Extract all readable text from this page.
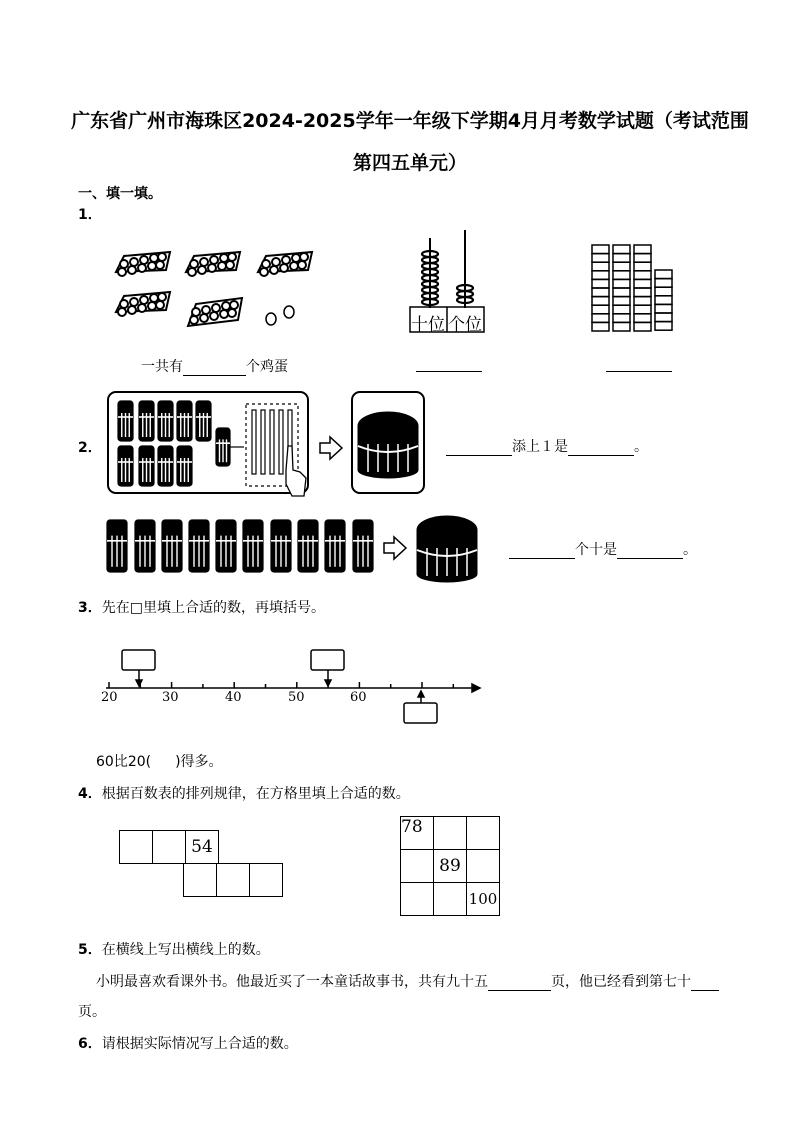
广东省广州市海珠区2024-2025学年一年级下学期4月月考数学试题（考试范围
第四五单元）
一、填一填。
1．
一共有	个鸡蛋
十位 个位
2．	添上１是	。
个十是	。
3．先在□里填上合适的数，再填括号。
20	30	40	50	60
60比20( )得多。
4．根据百数表的排列规律，在方格里填上合适的数。
		54

78		
	89	
		100
5．在横线上写出横线上的数。
小明最喜欢看课外书。他最近买了一本童话故事书，共有九十五	页，他已经看到第七十
页。
6．请根据实际情况写上合适的数。
